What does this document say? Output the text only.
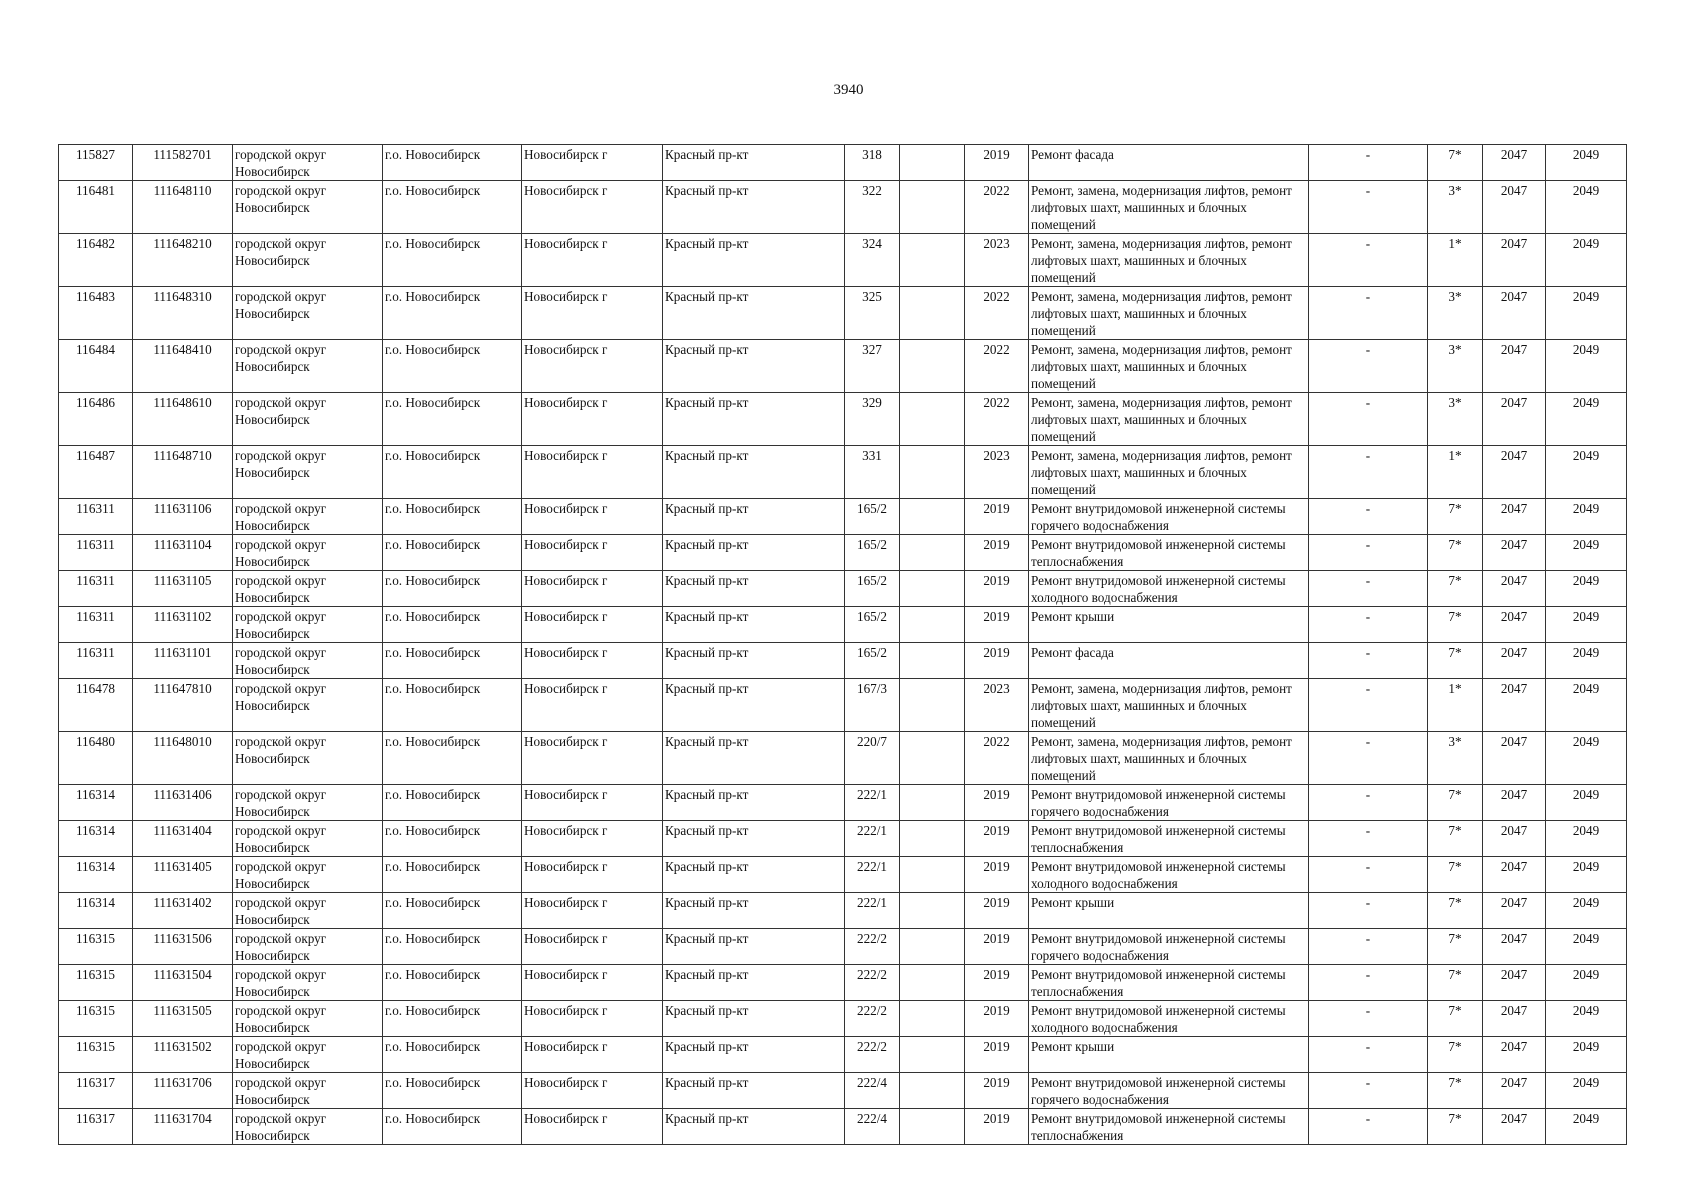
3940
115827	111582701	городской округ Новосибирск	г.о. Новосибирск	Новосибирск г	Красный пр-кт	318		2019	Ремонт фасада	-	7*	2047	2049
116481	111648110	городской округ Новосибирск	г.о. Новосибирск	Новосибирск г	Красный пр-кт	322		2022	Ремонт, замена, модернизация лифтов, ремонт лифтовых шахт, машинных и блочных помещений	-	3*	2047	2049
116482	111648210	городской округ Новосибирск	г.о. Новосибирск	Новосибирск г	Красный пр-кт	324		2023	Ремонт, замена, модернизация лифтов, ремонт лифтовых шахт, машинных и блочных помещений	-	1*	2047	2049
116483	111648310	городской округ Новосибирск	г.о. Новосибирск	Новосибирск г	Красный пр-кт	325		2022	Ремонт, замена, модернизация лифтов, ремонт лифтовых шахт, машинных и блочных помещений	-	3*	2047	2049
116484	111648410	городской округ Новосибирск	г.о. Новосибирск	Новосибирск г	Красный пр-кт	327		2022	Ремонт, замена, модернизация лифтов, ремонт лифтовых шахт, машинных и блочных помещений	-	3*	2047	2049
116486	111648610	городской округ Новосибирск	г.о. Новосибирск	Новосибирск г	Красный пр-кт	329		2022	Ремонт, замена, модернизация лифтов, ремонт лифтовых шахт, машинных и блочных помещений	-	3*	2047	2049
116487	111648710	городской округ Новосибирск	г.о. Новосибирск	Новосибирск г	Красный пр-кт	331		2023	Ремонт, замена, модернизация лифтов, ремонт лифтовых шахт, машинных и блочных помещений	-	1*	2047	2049
116311	111631106	городской округ Новосибирск	г.о. Новосибирск	Новосибирск г	Красный пр-кт	165/2		2019	Ремонт внутридомовой инженерной системы горячего водоснабжения	-	7*	2047	2049
116311	111631104	городской округ Новосибирск	г.о. Новосибирск	Новосибирск г	Красный пр-кт	165/2		2019	Ремонт внутридомовой инженерной системы теплоснабжения	-	7*	2047	2049
116311	111631105	городской округ Новосибирск	г.о. Новосибирск	Новосибирск г	Красный пр-кт	165/2		2019	Ремонт внутридомовой инженерной системы холодного водоснабжения	-	7*	2047	2049
116311	111631102	городской округ Новосибирск	г.о. Новосибирск	Новосибирск г	Красный пр-кт	165/2		2019	Ремонт крыши	-	7*	2047	2049
116311	111631101	городской округ Новосибирск	г.о. Новосибирск	Новосибирск г	Красный пр-кт	165/2		2019	Ремонт фасада	-	7*	2047	2049
116478	111647810	городской округ Новосибирск	г.о. Новосибирск	Новосибирск г	Красный пр-кт	167/3		2023	Ремонт, замена, модернизация лифтов, ремонт лифтовых шахт, машинных и блочных помещений	-	1*	2047	2049
116480	111648010	городской округ Новосибирск	г.о. Новосибирск	Новосибирск г	Красный пр-кт	220/7		2022	Ремонт, замена, модернизация лифтов, ремонт лифтовых шахт, машинных и блочных помещений	-	3*	2047	2049
116314	111631406	городской округ Новосибирск	г.о. Новосибирск	Новосибирск г	Красный пр-кт	222/1		2019	Ремонт внутридомовой инженерной системы горячего водоснабжения	-	7*	2047	2049
116314	111631404	городской округ Новосибирск	г.о. Новосибирск	Новосибирск г	Красный пр-кт	222/1		2019	Ремонт внутридомовой инженерной системы теплоснабжения	-	7*	2047	2049
116314	111631405	городской округ Новосибирск	г.о. Новосибирск	Новосибирск г	Красный пр-кт	222/1		2019	Ремонт внутридомовой инженерной системы холодного водоснабжения	-	7*	2047	2049
116314	111631402	городской округ Новосибирск	г.о. Новосибирск	Новосибирск г	Красный пр-кт	222/1		2019	Ремонт крыши	-	7*	2047	2049
116315	111631506	городской округ Новосибирск	г.о. Новосибирск	Новосибирск г	Красный пр-кт	222/2		2019	Ремонт внутридомовой инженерной системы горячего водоснабжения	-	7*	2047	2049
116315	111631504	городской округ Новосибирск	г.о. Новосибирск	Новосибирск г	Красный пр-кт	222/2		2019	Ремонт внутридомовой инженерной системы теплоснабжения	-	7*	2047	2049
116315	111631505	городской округ Новосибирск	г.о. Новосибирск	Новосибирск г	Красный пр-кт	222/2		2019	Ремонт внутридомовой инженерной системы холодного водоснабжения	-	7*	2047	2049
116315	111631502	городской округ Новосибирск	г.о. Новосибирск	Новосибирск г	Красный пр-кт	222/2		2019	Ремонт крыши	-	7*	2047	2049
116317	111631706	городской округ Новосибирск	г.о. Новосибирск	Новосибирск г	Красный пр-кт	222/4		2019	Ремонт внутридомовой инженерной системы горячего водоснабжения	-	7*	2047	2049
116317	111631704	городской округ Новосибирск	г.о. Новосибирск	Новосибирск г	Красный пр-кт	222/4		2019	Ремонт внутридомовой инженерной системы теплоснабжения	-	7*	2047	2049
